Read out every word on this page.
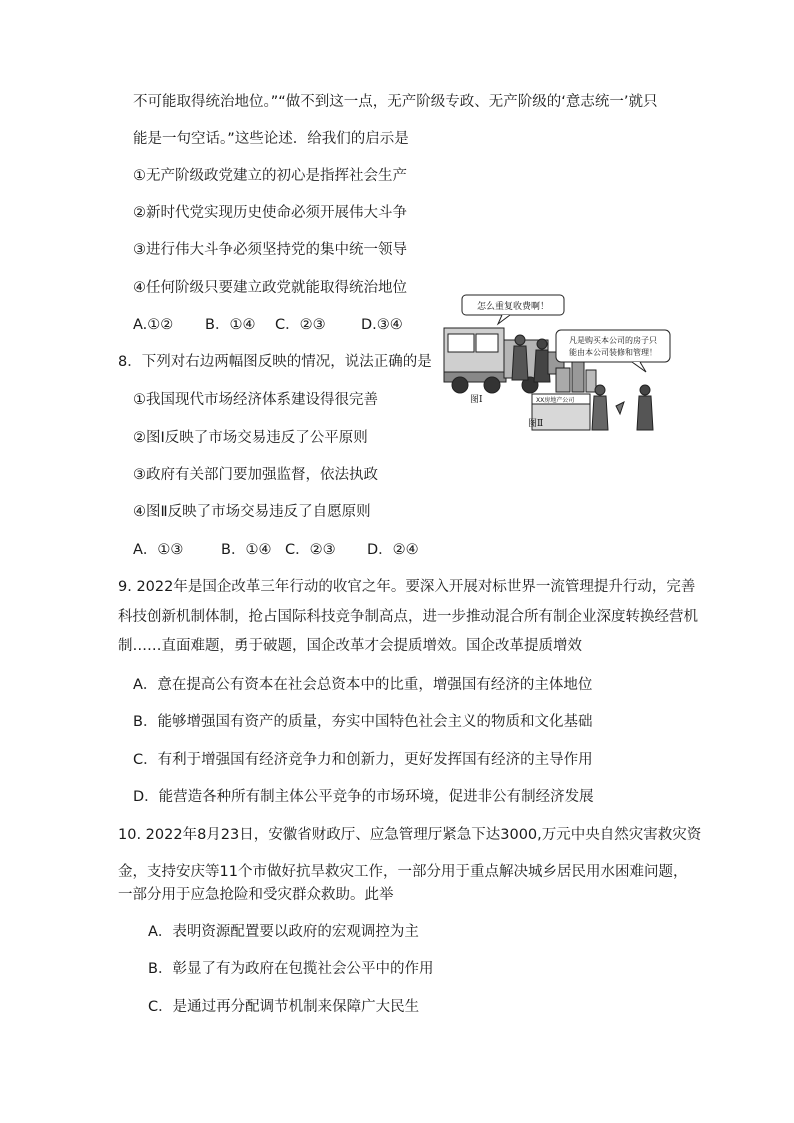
不可能取得统治地位。”“做不到这一点，无产阶级专政、无产阶级的‘意志统一’就只
能是一句空话。”这些论述．给我们的启示是
①无产阶级政党建立的初心是指挥社会生产
②新时代党实现历史使命必须开展伟大斗争
③进行伟大斗争必须坚持党的集中统一领导
④任何阶级只要建立政党就能取得统治地位
A.①② B．①④ C．②③ D.③④
8．下列对右边两幅图反映的情况，说法正确的是
①我国现代市场经济体系建设得很完善
②图Ⅰ反映了市场交易违反了公平原则
③政府有关部门要加强监督，依法执政
④图Ⅱ反映了市场交易违反了自愿原则
A．①③	B．①④ C．②③ D．②④
9. 2022年是国企改革三年行动的收官之年。要深入开展对标世界一流管理提升行动，完善
科技创新机制体制，抢占国际科技竞争制高点，进一步推动混合所有制企业深度转换经营机
制……直面难题，勇于破题，国企改革才会提质增效。国企改革提质增效
A．意在提高公有资本在社会总资本中的比重，增强国有经济的主体地位
B．能够增强国有资产的质量，夯实中国特色社会主义的物质和文化基础
C．有利于增强国有经济竞争力和创新力，更好发挥国有经济的主导作用
D．能营造各种所有制主体公平竞争的市场环境，促进非公有制经济发展
10. 2022年8月23日，安徽省财政厅、应急管理厅紧急下达3000,万元中央自然灾害救灾资
金，支持安庆等11个市做好抗旱救灾工作，一部分用于重点解决城乡居民用水困难问题，
一部分用于应急抢险和受灾群众救助。此举
A．表明资源配置要以政府的宏观调控为主
B．彰显了有为政府在包揽社会公平中的作用
C．是通过再分配调节机制来保障广大民生
怎么重复收费啊！
图Ⅰ
凡是购买本公司的房子只
能由本公司装修和管理！
XX房地产公司
图Ⅱ
